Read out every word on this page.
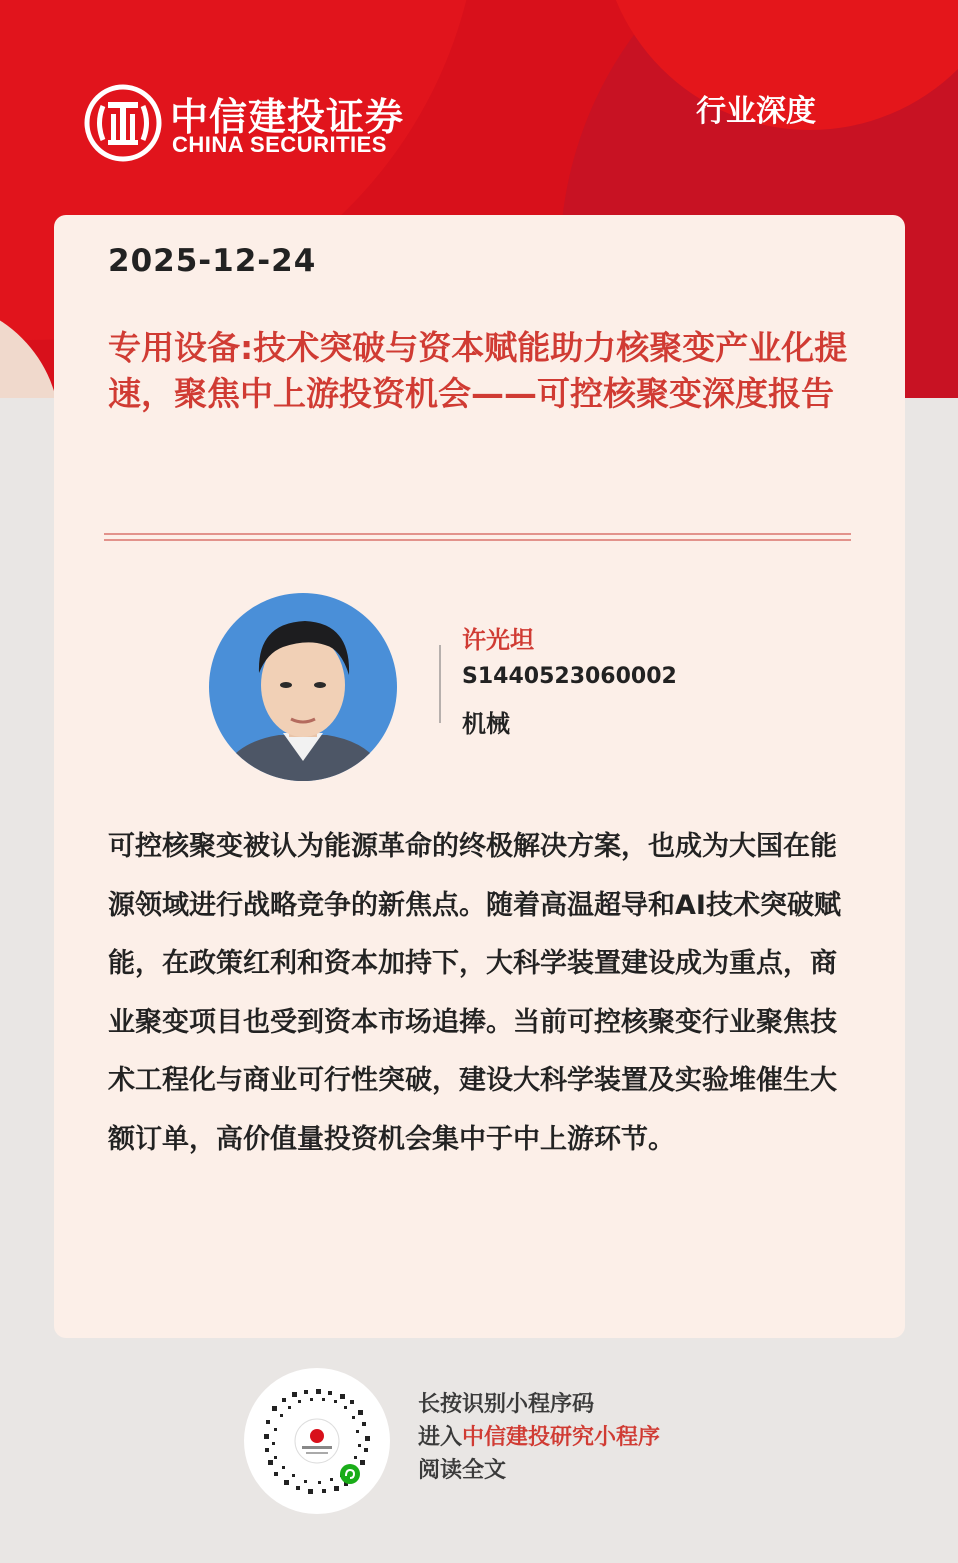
中信建投证券
CHINA SECURITIES
行业深度
2025-12-24
专用设备:技术突破与资本赋能助力核聚变产业化提速，聚焦中上游投资机会——可控核聚变深度报告
许光坦
S1440523060002
机械

可控核聚变被认为能源革命的终极解决方案，也成为大国在能源领域进行战略竞争的新焦点。随着高温超导和AI技术突破赋能，在政策红利和资本加持下，大科学装置建设成为重点，商业聚变项目也受到资本市场追捧。当前可控核聚变行业聚焦技术工程化与商业可行性突破，建设大科学装置及实验堆催生大额订单，高价值量投资机会集中于中上游环节。

长按识别小程序码
进入中信建投研究小程序
阅读全文
